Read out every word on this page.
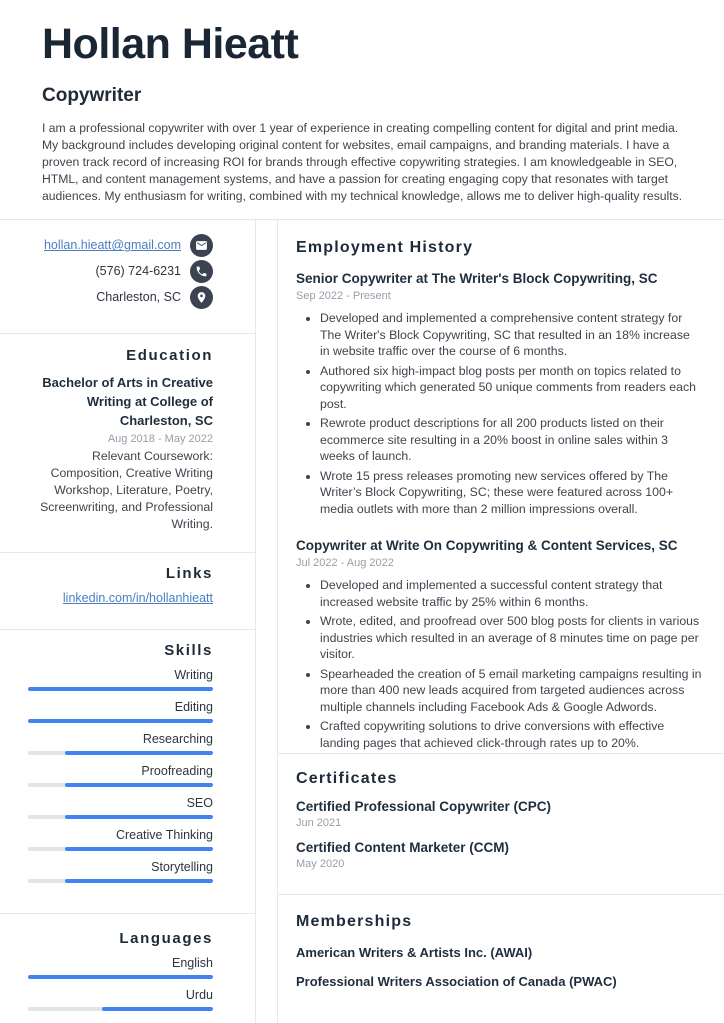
Hollan Hieatt
Copywriter
I am a professional copywriter with over 1 year of experience in creating compelling content for digital and print media. My background includes developing original content for websites, email campaigns, and branding materials. I have a proven track record of increasing ROI for brands through effective copywriting strategies. I am knowledgeable in SEO, HTML, and content management systems, and have a passion for creating engaging copy that resonates with target audiences. My enthusiasm for writing, combined with my technical knowledge, allows me to deliver high-quality results.
hollan.hieatt@gmail.com
(576) 724-6231
Charleston, SC
Education
Bachelor of Arts in Creative Writing at College of Charleston, SC
Aug 2018 - May 2022
Relevant Coursework: Composition, Creative Writing Workshop, Literature, Poetry, Screenwriting, and Professional Writing.
Links
linkedin.com/in/hollanhieatt
Skills
Writing
Editing
Researching
Proofreading
SEO
Creative Thinking
Storytelling
Languages
English
Urdu
Employment History
Senior Copywriter at The Writer's Block Copywriting, SC
Sep 2022 - Present
• Developed and implemented a comprehensive content strategy for The Writer's Block Copywriting, SC that resulted in an 18% increase in website traffic over the course of 6 months.
• Authored six high-impact blog posts per month on topics related to copywriting which generated 50 unique comments from readers each post.
• Rewrote product descriptions for all 200 products listed on their ecommerce site resulting in a 20% boost in online sales within 3 weeks of launch.
• Wrote 15 press releases promoting new services offered by The Writer’s Block Copywriting, SC; these were featured across 100+ media outlets with more than 2 million impressions overall.
Copywriter at Write On Copywriting & Content Services, SC
Jul 2022 - Aug 2022
• Developed and implemented a successful content strategy that increased website traffic by 25% within 6 months.
• Wrote, edited, and proofread over 500 blog posts for clients in various industries which resulted in an average of 8 minutes time on page per visitor.
• Spearheaded the creation of 5 email marketing campaigns resulting in more than 400 new leads acquired from targeted audiences across multiple channels including Facebook Ads & Google Adwords.
• Crafted copywriting solutions to drive conversions with effective landing pages that achieved click-through rates up to 20%.
Certificates
Certified Professional Copywriter (CPC)
Jun 2021
Certified Content Marketer (CCM)
May 2020
Memberships
American Writers & Artists Inc. (AWAI)
Professional Writers Association of Canada (PWAC)
